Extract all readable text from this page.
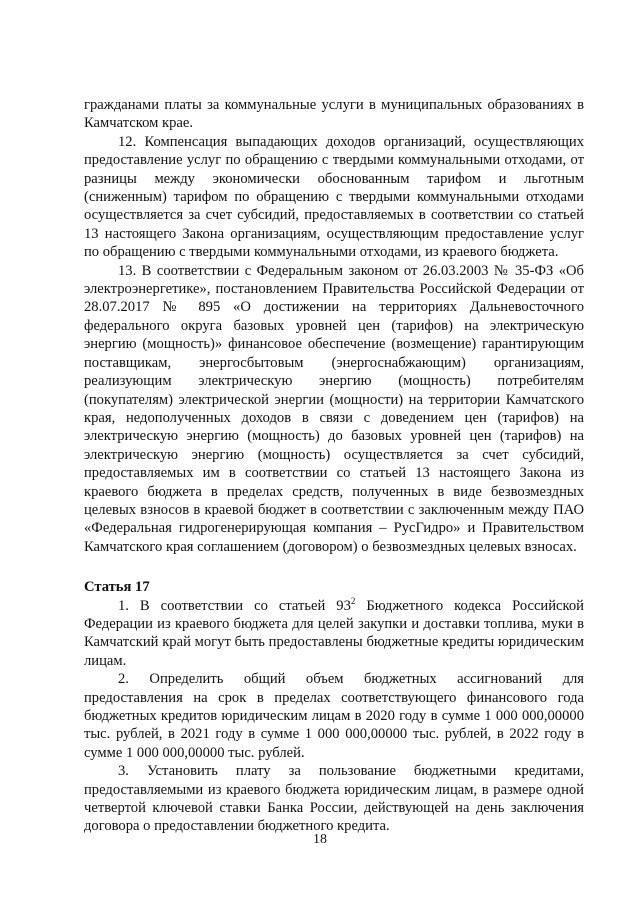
гражданами платы за коммунальные услуги в муниципальных образованиях в Камчатском крае.

12. Компенсация выпадающих доходов организаций, осуществляющих предоставление услуг по обращению с твердыми коммунальными отходами, от разницы между экономически обоснованным тарифом и льготным (сниженным) тарифом по обращению с твердыми коммунальными отходами осуществляется за счет субсидий, предоставляемых в соответствии со статьей 13 настоящего Закона организациям, осуществляющим предоставление услуг по обращению с твердыми коммунальными отходами, из краевого бюджета.

13. В соответствии с Федеральным законом от 26.03.2003 № 35-ФЗ «Об электроэнергетике», постановлением Правительства Российской Федерации от 28.07.2017 № 895 «О достижении на территориях Дальневосточного федерального округа базовых уровней цен (тарифов) на электрическую энергию (мощность)» финансовое обеспечение (возмещение) гарантирующим поставщикам, энергосбытовым (энергоснабжающим) организациям, реализующим электрическую энергию (мощность) потребителям (покупателям) электрической энергии (мощности) на территории Камчатского края, недополученных доходов в связи с доведением цен (тарифов) на электрическую энергию (мощность) до базовых уровней цен (тарифов) на электрическую энергию (мощность) осуществляется за счет субсидий, предоставляемых им в соответствии со статьей 13 настоящего Закона из краевого бюджета в пределах средств, полученных в виде безвозмездных целевых взносов в краевой бюджет в соответствии с заключенным между ПАО «Федеральная гидрогенерирующая компания – РусГидро» и Правительством Камчатского края соглашением (договором) о безвозмездных целевых взносах.

Статья 17

1. В соответствии со статьей $93^2$ Бюджетного кодекса Российской Федерации из краевого бюджета для целей закупки и доставки топлива, муки в Камчатский край могут быть предоставлены бюджетные кредиты юридическим лицам.

2. Определить общий объем бюджетных ассигнований для предоставления на срок в пределах соответствующего финансового года бюджетных кредитов юридическим лицам в 2020 году в сумме 1 000 000,00000 тыс. рублей, в 2021 году в сумме 1 000 000,00000 тыс. рублей, в 2022 году в сумме 1 000 000,00000 тыс. рублей.

3. Установить плату за пользование бюджетными кредитами, предоставляемыми из краевого бюджета юридическим лицам, в размере одной четвертой ключевой ставки Банка России, действующей на день заключения договора о предоставлении бюджетного кредита.

18
